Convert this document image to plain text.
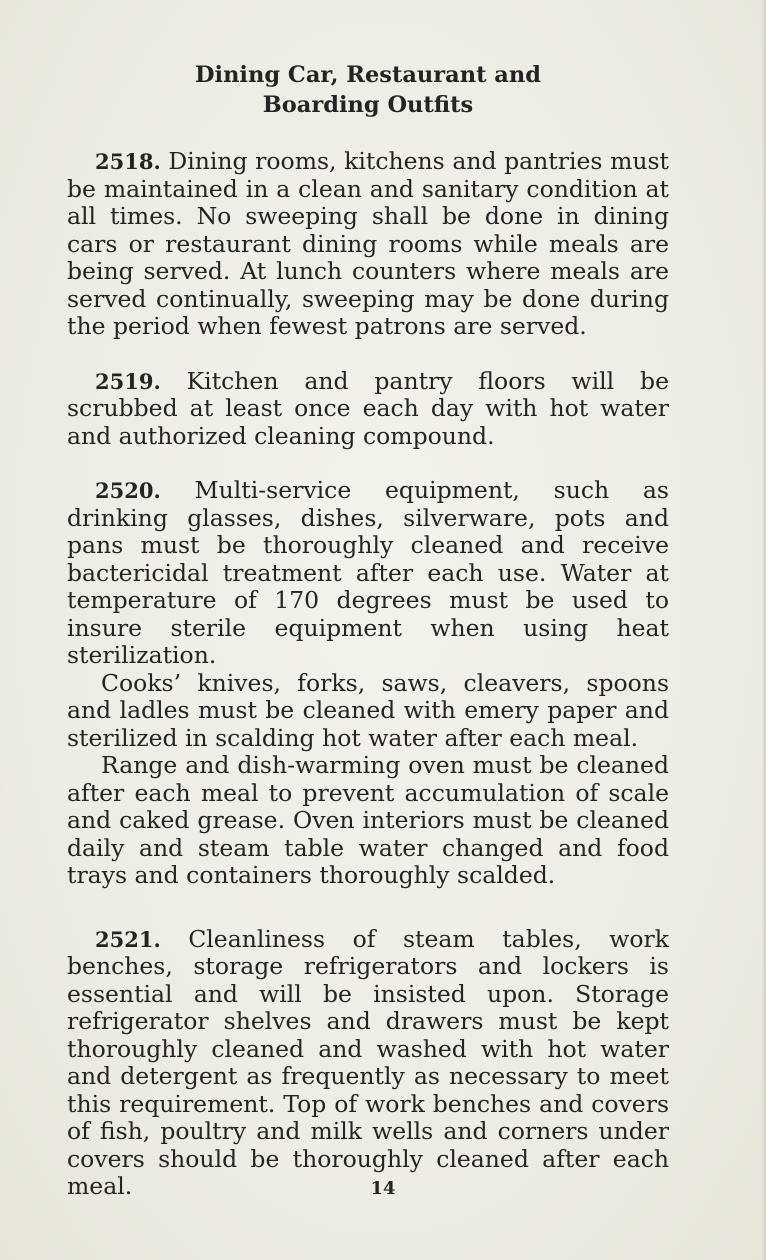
Dining Car, Restaurant and
Boarding Outfits

2518. Dining rooms, kitchens and pantries must be maintained in a clean and sanitary condition at all times. No sweeping shall be done in dining cars or restaurant dining rooms while meals are being served. At lunch counters where meals are served continually, sweeping may be done during the period when fewest patrons are served.

2519. Kitchen and pantry floors will be scrubbed at least once each day with hot water and authorized cleaning compound.

2520. Multi-service equipment, such as drinking glasses, dishes, silverware, pots and pans must be thoroughly cleaned and receive bactericidal treatment after each use. Water at temperature of 170 degrees must be used to insure sterile equipment when using heat sterilization.

Cooks’ knives, forks, saws, cleavers, spoons and ladles must be cleaned with emery paper and sterilized in scalding hot water after each meal.

Range and dish-warming oven must be cleaned after each meal to prevent accumulation of scale and caked grease. Oven interiors must be cleaned daily and steam table water changed and food trays and containers thoroughly scalded.

2521. Cleanliness of steam tables, work benches, storage refrigerators and lockers is essential and will be insisted upon. Storage refrigerator shelves and drawers must be kept thoroughly cleaned and washed with hot water and detergent as frequently as necessary to meet this requirement. Top of work benches and covers of fish, poultry and milk wells and corners under covers should be thoroughly cleaned after each meal.	14
